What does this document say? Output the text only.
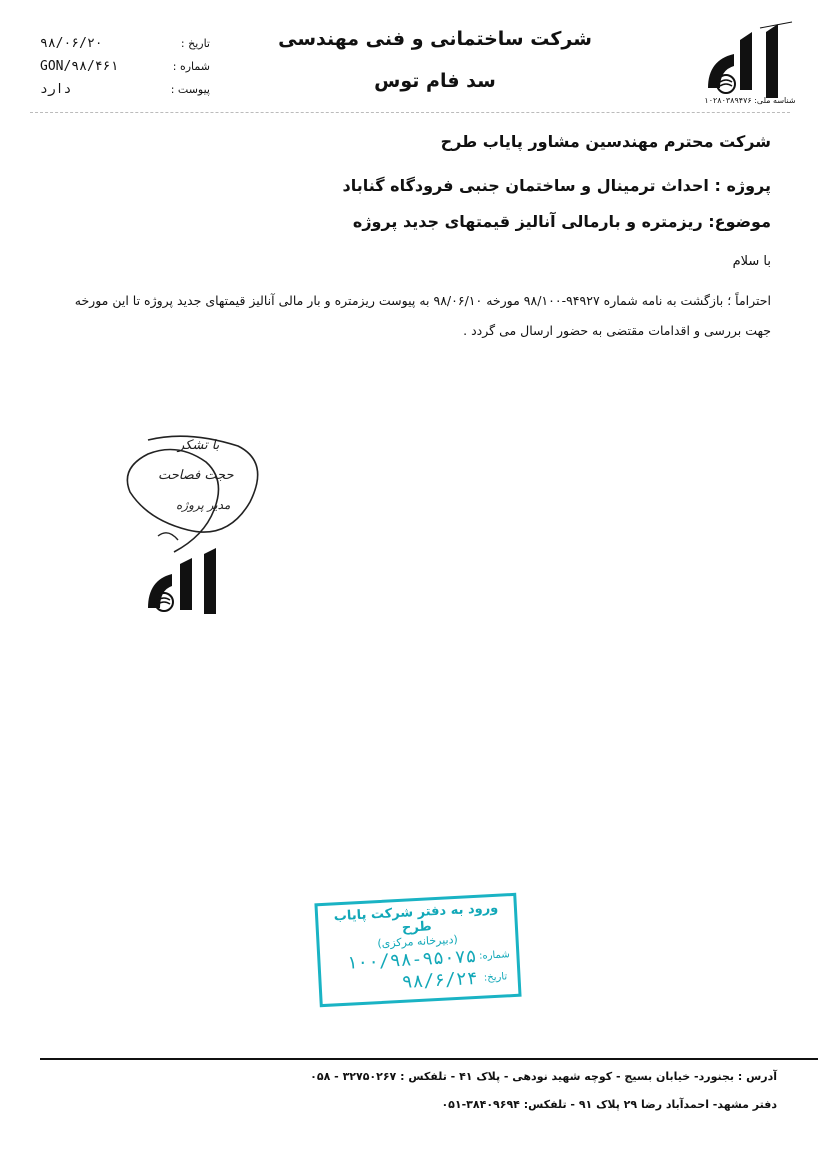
تاریخ :
۹۸/۰۶/۲۰
شماره :
GON/۹۸/۴۶۱
پیوست :
دارد
شرکت ساختمانی و فنی مهندسی
سد فام توس
شناسه ملی: ۱۰۲۸۰۳۸۹۴۷۶
شرکت محترم مهندسین مشاور پایاب طرح
پروژه : احداث ترمینال و ساختمان جنبی فرودگاه گناباد
موضوع: ریزمتره و بارمالی آنالیز قیمتهای جدید پروژه
با سلام
احتراماً ؛ بازگشت به نامه شماره ۹۴۹۲۷-۹۸/۱۰۰ مورخه ۹۸/۰۶/۱۰ به پیوست ریزمتره و بار مالی آنالیز قیمتهای جدید پروژه تا این مورخه جهت بررسی و اقدامات مقتضی به حضور ارسال می گردد .
با تشکر
حجت فصاحت
مدیر پروژه
ورود به دفتر شرکت پایاب طرح
(دبیرخانه مرکزی)
شماره:
۱۰۰/۹۸-۹۵۰۷۵
تاریخ:
۹۸/۶/۲۴
آدرس : بجنورد- خیابان بسیج - کوچه شهید نودهی - پلاک ۴۱ - تلفکس : ۳۲۷۵۰۲۶۷ - ۰۵۸
دفتر مشهد- احمدآباد رضا ۲۹ پلاک ۹۱ - تلفکس: ۳۸۴۰۹۶۹۴-۰۵۱
